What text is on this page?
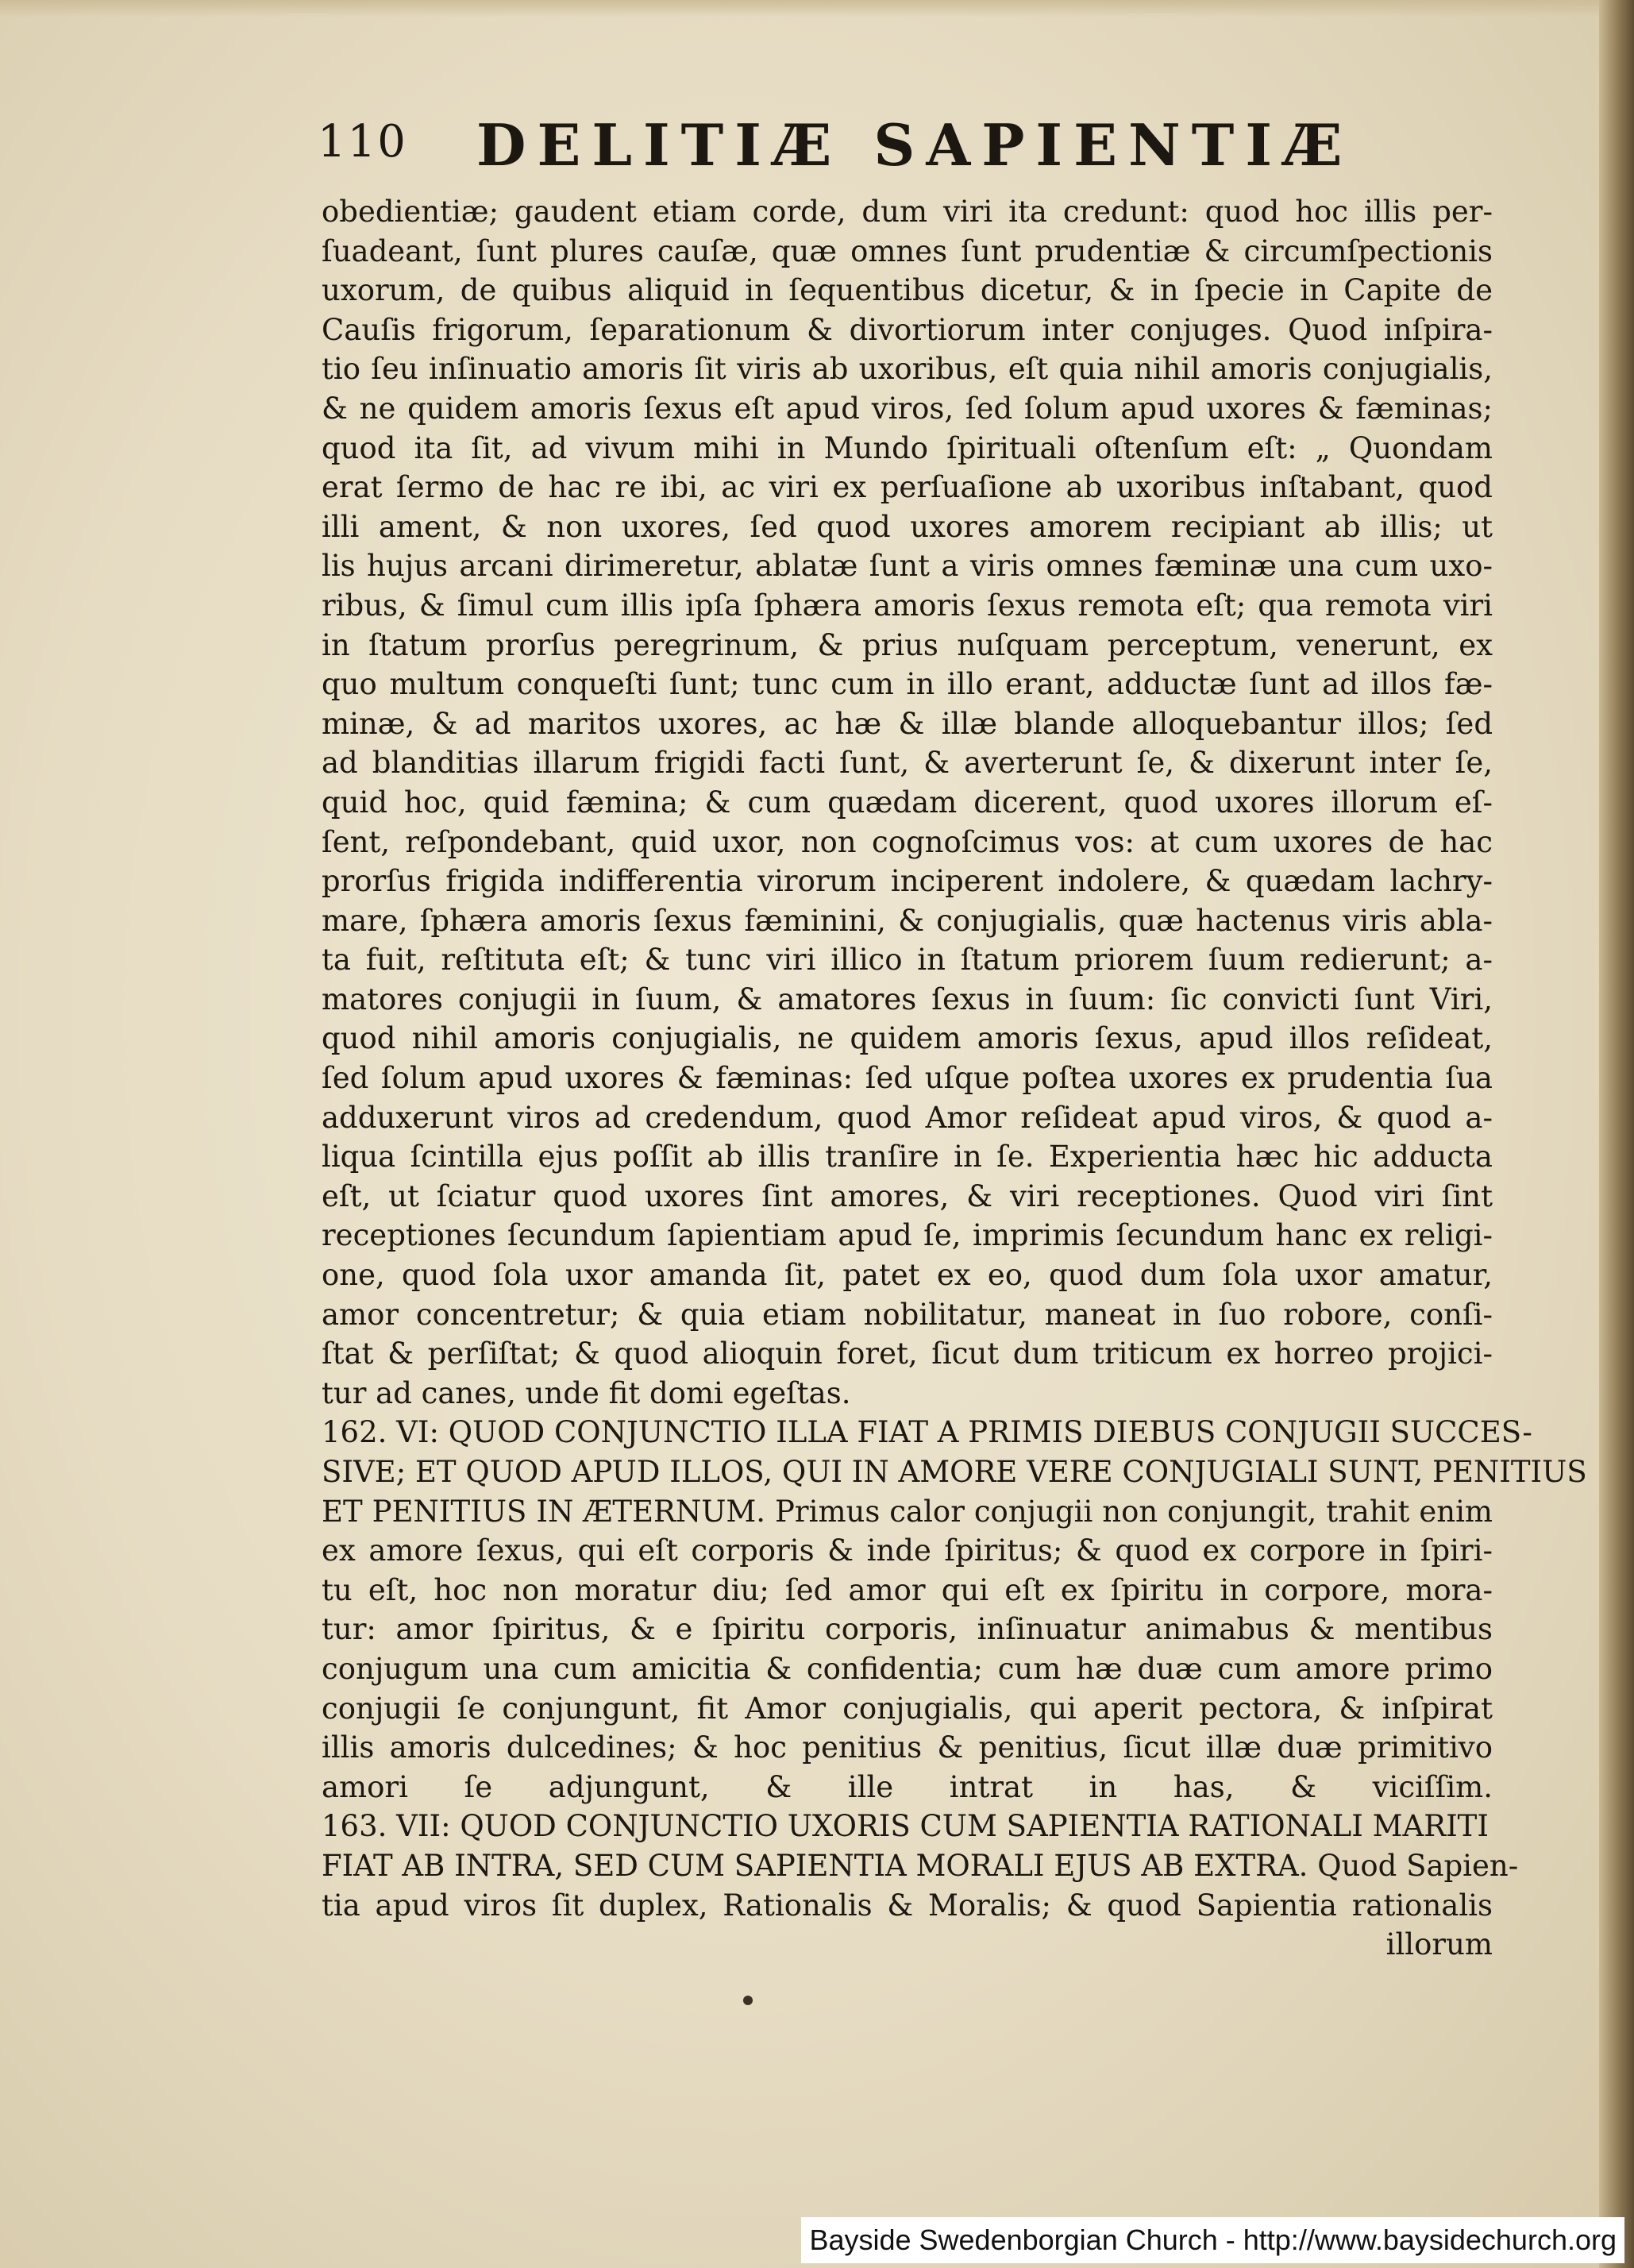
110 DELITIÆ SAPIENTIÆ
obedientiæ; gaudent etiam corde, dum viri ita credunt: quod hoc illis per-
ſuadeant, ſunt plures cauſæ, quæ omnes ſunt prudentiæ & circumſpectionis
uxorum, de quibus aliquid in ſequentibus dicetur, & in ſpecie in Capite de
Cauſis frigorum, ſeparationum & divortiorum inter conjuges. Quod inſpira-
tio ſeu inſinuatio amoris ſit viris ab uxoribus, eſt quia nihil amoris conjugialis,
& ne quidem amoris ſexus eſt apud viros, ſed ſolum apud uxores & fæminas;
quod ita ſit, ad vivum mihi in Mundo ſpirituali oſtenſum eſt: „ Quondam
erat ſermo de hac re ibi, ac viri ex perſuaſione ab uxoribus inſtabant, quod
illi ament, & non uxores, ſed quod uxores amorem recipiant ab illis; ut
lis hujus arcani dirimeretur, ablatæ ſunt a viris omnes fæminæ una cum uxo-
ribus, & ſimul cum illis ipſa ſphæra amoris ſexus remota eſt; qua remota viri
in ſtatum prorſus peregrinum, & prius nuſquam perceptum, venerunt, ex
quo multum conqueſti ſunt; tunc cum in illo erant, adductæ ſunt ad illos fæ-
minæ, & ad maritos uxores, ac hæ & illæ blande alloquebantur illos; ſed
ad blanditias illarum frigidi facti ſunt, & averterunt ſe, & dixerunt inter ſe,
quid hoc, quid fæmina; & cum quædam dicerent, quod uxores illorum eſ-
ſent, reſpondebant, quid uxor, non cognoſcimus vos: at cum uxores de hac
prorſus frigida indifferentia virorum inciperent indolere, & quædam lachry-
mare, ſphæra amoris ſexus fæminini, & conjugialis, quæ hactenus viris abla-
ta fuit, reſtituta eſt; & tunc viri illico in ſtatum priorem ſuum redierunt; a-
matores conjugii in ſuum, & amatores ſexus in ſuum: ſic convicti ſunt Viri,
quod nihil amoris conjugialis, ne quidem amoris ſexus, apud illos reſideat,
ſed ſolum apud uxores & fæminas: ſed uſque poſtea uxores ex prudentia ſua
adduxerunt viros ad credendum, quod Amor reſideat apud viros, & quod a-
liqua ſcintilla ejus poſſit ab illis tranſire in ſe. Experientia hæc hic adducta
eſt, ut ſciatur quod uxores ſint amores, & viri receptiones. Quod viri ſint
receptiones ſecundum ſapientiam apud ſe, imprimis ſecundum hanc ex religi-
one, quod ſola uxor amanda ſit, patet ex eo, quod dum ſola uxor amatur,
amor concentretur; & quia etiam nobilitatur, maneat in ſuo robore, conſi-
ſtat & perſiſtat; & quod alioquin foret, ſicut dum triticum ex horreo projici-
tur ad canes, unde fit domi egeſtas.
162. VI: QUOD CONJUNCTIO ILLA FIAT A PRIMIS DIEBUS CONJUGII SUCCES-
SIVE; ET QUOD APUD ILLOS, QUI IN AMORE VERE CONJUGIALI SUNT, PENITIUS
ET PENITIUS IN ÆTERNUM. Primus calor conjugii non conjungit, trahit enim
ex amore ſexus, qui eſt corporis & inde ſpiritus; & quod ex corpore in ſpiri-
tu eſt, hoc non moratur diu; ſed amor qui eſt ex ſpiritu in corpore, mora-
tur: amor ſpiritus, & e ſpiritu corporis, inſinuatur animabus & mentibus
conjugum una cum amicitia & confidentia; cum hæ duæ cum amore primo
conjugii ſe conjungunt, fit Amor conjugialis, qui aperit pectora, & inſpirat
illis amoris dulcedines; & hoc penitius & penitius, ſicut illæ duæ primitivo
amori ſe adjungunt, & ille intrat in has, & viciſſim.
163. VII: QUOD CONJUNCTIO UXORIS CUM SAPIENTIA RATIONALI MARITI
FIAT AB INTRA, SED CUM SAPIENTIA MORALI EJUS AB EXTRA. Quod Sapien-
tia apud viros ſit duplex, Rationalis & Moralis; & quod Sapientia rationalis
illorum
Bayside Swedenborgian Church - http://www.baysidechurch.org
